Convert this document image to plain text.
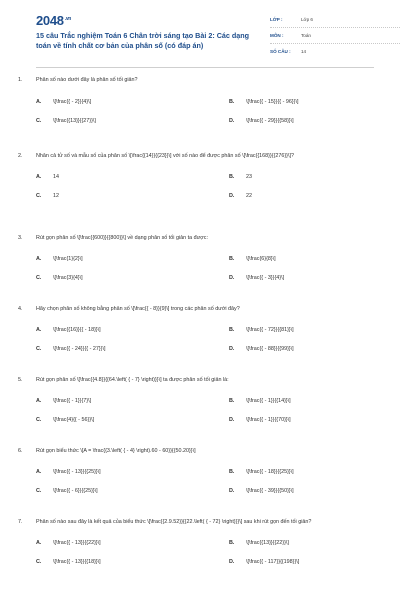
$2048^{.vn}$
15 câu Trắc nghiệm Toán 6 Chân trời sáng tạo Bài 2: Các dạng toán về tính chất cơ bản của phân số (có đáp án)
LỚP :	Lớp 6
MÔN :	Toán
SỐ CÂU :	14
1.	Phân số nào dưới đây là phân số tối giản?
A.	\[\frac{{ - 2}}{4}\]	B.	\[\frac{{ - 15}}{{ - 96}}\]
C.	\[\frac{{13}}{{27}}\]	D.	\[\frac{{ - 29}}{{58}}\]
2.	Nhân cả tử số và mẫu số của phân số \[\frac{{14}}{{23}}\] với số nào để được phân số \[\frac{{168}}{{276}}\]?
A.	14	B.	23
C.	12	D.	22
3.	Rút gọn phân số \[\frac{{600}}{{800}}\] về dạng phân số tối giản ta được:
A.	\[\frac{1}{2}\]	B.	\[\frac{6}{8}\]
C.	\[\frac{3}{4}\]	D.	\[\frac{{ - 3}}{4}\]
4.	Hãy chọn phân số không bằng phân số \[\frac{{ - 8}}{9}\] trong các phân số dưới đây?
A.	\[\frac{{16}}{{ - 18}}\]	B.	\[\frac{{ - 72}}{{81}}\]
C.	\[\frac{{ - 24}}{{ - 27}}\]	D.	\[\frac{{ - 88}}{{99}}\]
5.	Rút gọn phân số \[\frac{{4.8}}{{64.\left( { - 7} \right)}}\] ta được phân số tối giản là:
A.	\[\frac{{ - 1}}{7}\]	B.	\[\frac{{ - 1}}{{14}}\]
C.	\[\frac{4}{{ - 56}}\]	D.	\[\frac{{ - 1}}{{70}}\]
6.	Rút gọn biểu thức \[A = \frac{{3.\left( { - 4} \right).60 - 60}}{{50.20}}\]
A.	\[\frac{{ - 13}}{{25}}\]	B.	\[\frac{{ - 18}}{{25}}\]
C.	\[\frac{{ - 6}}{{25}}\]	D.	\[\frac{{ - 39}}{{50}}\]
7.	Phân số nào sau đây là kết quả của biểu thức \[\frac{{2.9.52}}{{22.\left( { - 72} \right)}}\] sau khi rút gọn đến tối giản?
A.	\[\frac{{ - 13}}{{22}}\]	B.	\[\frac{{13}}{{22}}\]
C.	\[\frac{{ - 13}}{{18}}\]	D.	\[\frac{{ - 117}}{{198}}\]
